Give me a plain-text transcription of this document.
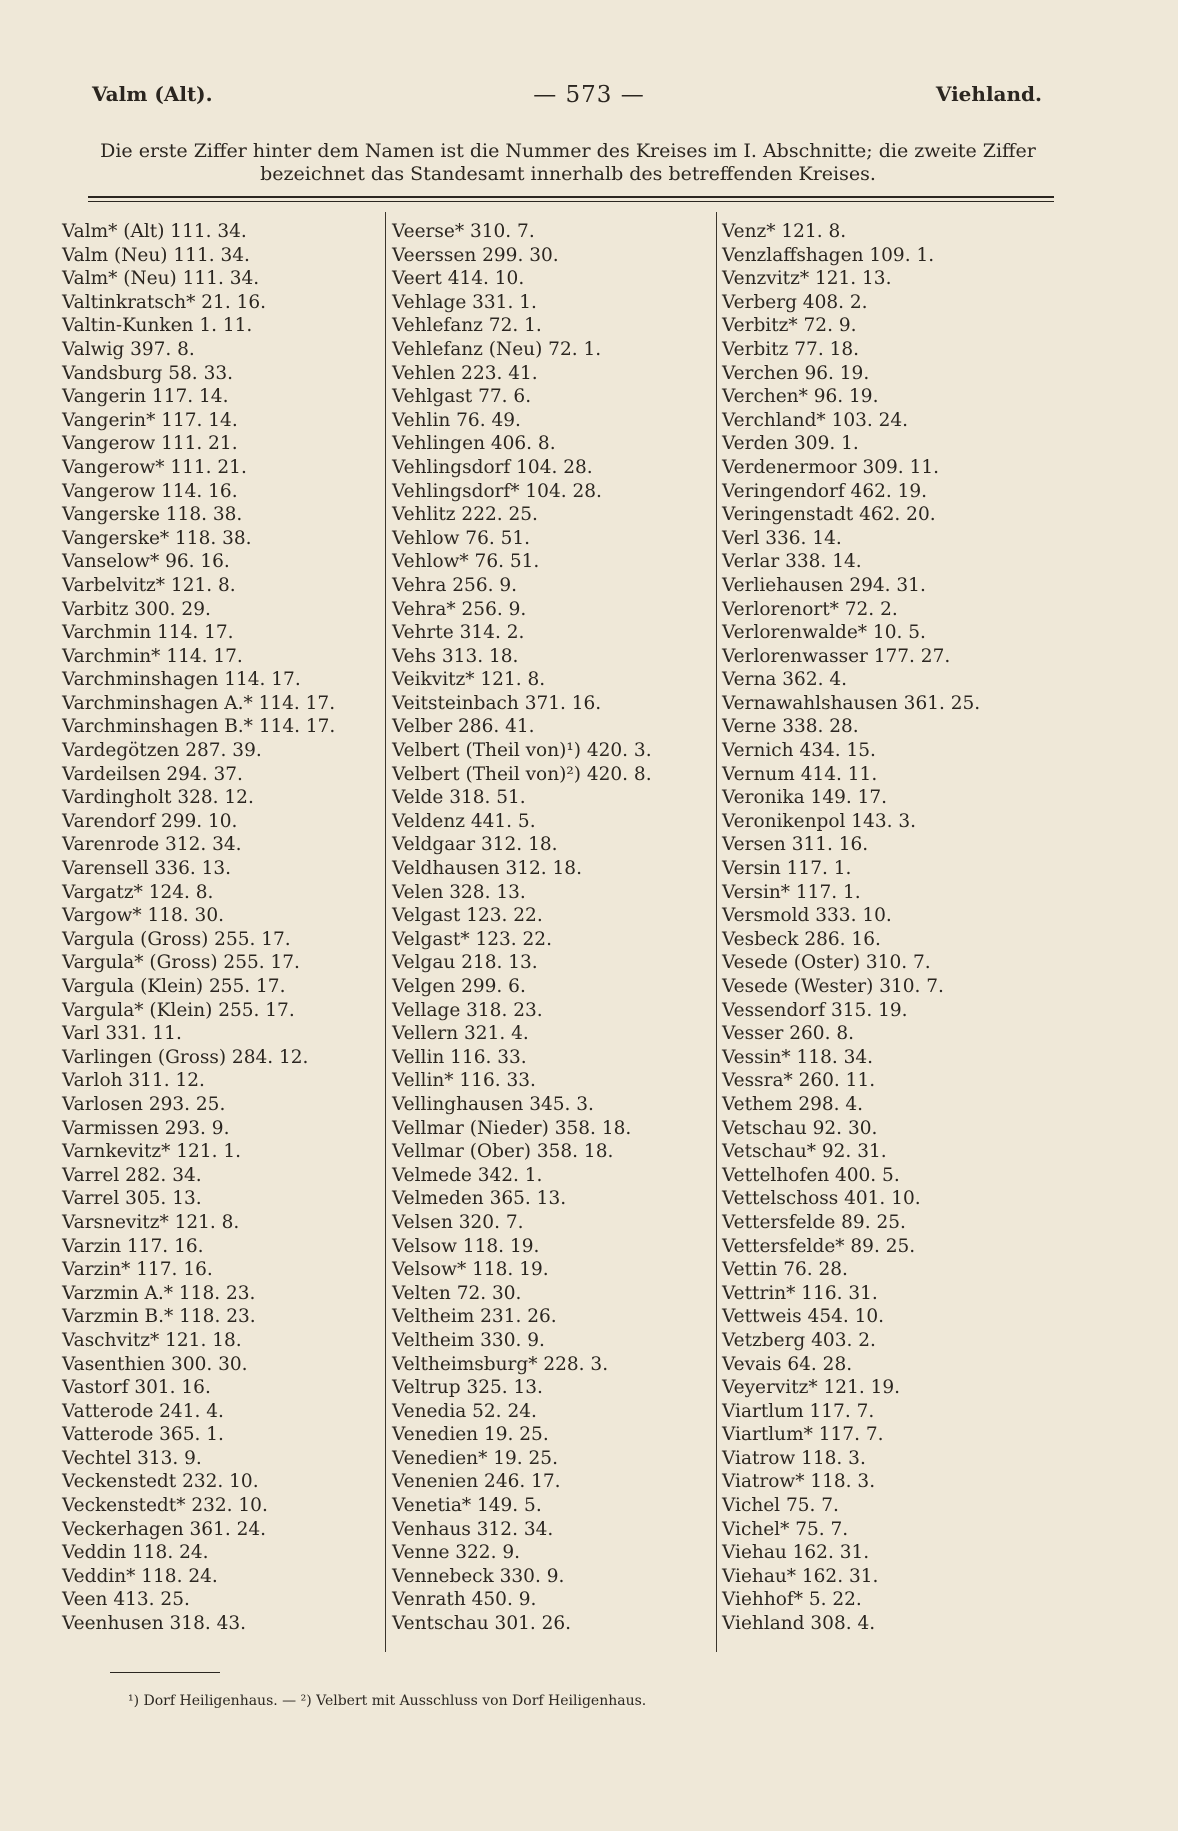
— 573 —
Valm (Alt).	Viehland.
Die erste Ziffer hinter dem Namen ist die Nummer des Kreises im I. Abschnitte; die zweite Ziffer bezeichnet das Standesamt innerhalb des betreffenden Kreises.
Valm* (Alt) 111. 34.
Valm (Neu) 111. 34.
Valm* (Neu) 111. 34.
Valtinkratsch* 21. 16.
Valtin-Kunken 1. 11.
Valwig 397. 8.
Vandsburg 58. 33.
Vangerin 117. 14.
Vangerin* 117. 14.
Vangerow 111. 21.
Vangerow* 111. 21.
Vangerow 114. 16.
Vangerske 118. 38.
Vangerske* 118. 38.
Vanselow* 96. 16.
Varbelvitz* 121. 8.
Varbitz 300. 29.
Varchmin 114. 17.
Varchmin* 114. 17.
Varchminshagen 114. 17.
Varchminshagen A.* 114. 17.
Varchminshagen B.* 114. 17.
Vardegötzen 287. 39.
Vardeilsen 294. 37.
Vardingholt 328. 12.
Varendorf 299. 10.
Varenrode 312. 34.
Varensell 336. 13.
Vargatz* 124. 8.
Vargow* 118. 30.
Vargula (Gross) 255. 17.
Vargula* (Gross) 255. 17.
Vargula (Klein) 255. 17.
Vargula* (Klein) 255. 17.
Varl 331. 11.
Varlingen (Gross) 284. 12.
Varloh 311. 12.
Varlosen 293. 25.
Varmissen 293. 9.
Varnkevitz* 121. 1.
Varrel 282. 34.
Varrel 305. 13.
Varsnevitz* 121. 8.
Varzin 117. 16.
Varzin* 117. 16.
Varzmin A.* 118. 23.
Varzmin B.* 118. 23.
Vaschvitz* 121. 18.
Vasenthien 300. 30.
Vastorf 301. 16.
Vatterode 241. 4.
Vatterode 365. 1.
Vechtel 313. 9.
Veckenstedt 232. 10.
Veckenstedt* 232. 10.
Veckerhagen 361. 24.
Veddin 118. 24.
Veddin* 118. 24.
Veen 413. 25.
Veenhusen 318. 43.
Veerse* 310. 7.
Veerssen 299. 30.
Veert 414. 10.
Vehlage 331. 1.
Vehlefanz 72. 1.
Vehlefanz (Neu) 72. 1.
Vehlen 223. 41.
Vehlgast 77. 6.
Vehlin 76. 49.
Vehlingen 406. 8.
Vehlingsdorf 104. 28.
Vehlingsdorf* 104. 28.
Vehlitz 222. 25.
Vehlow 76. 51.
Vehlow* 76. 51.
Vehra 256. 9.
Vehra* 256. 9.
Vehrte 314. 2.
Vehs 313. 18.
Veikvitz* 121. 8.
Veitsteinbach 371. 16.
Velber 286. 41.
Velbert (Theil von)¹) 420. 3.
Velbert (Theil von)²) 420. 8.
Velde 318. 51.
Veldenz 441. 5.
Veldgaar 312. 18.
Veldhausen 312. 18.
Velen 328. 13.
Velgast 123. 22.
Velgast* 123. 22.
Velgau 218. 13.
Velgen 299. 6.
Vellage 318. 23.
Vellern 321. 4.
Vellin 116. 33.
Vellin* 116. 33.
Vellinghausen 345. 3.
Vellmar (Nieder) 358. 18.
Vellmar (Ober) 358. 18.
Velmede 342. 1.
Velmeden 365. 13.
Velsen 320. 7.
Velsow 118. 19.
Velsow* 118. 19.
Velten 72. 30.
Veltheim 231. 26.
Veltheim 330. 9.
Veltheimsburg* 228. 3.
Veltrup 325. 13.
Venedia 52. 24.
Venedien 19. 25.
Venedien* 19. 25.
Venenien 246. 17.
Venetia* 149. 5.
Venhaus 312. 34.
Venne 322. 9.
Vennebeck 330. 9.
Venrath 450. 9.
Ventschau 301. 26.
Venz* 121. 8.
Venzlaffshagen 109. 1.
Venzvitz* 121. 13.
Verberg 408. 2.
Verbitz* 72. 9.
Verbitz 77. 18.
Verchen 96. 19.
Verchen* 96. 19.
Verchland* 103. 24.
Verden 309. 1.
Verdenermoor 309. 11.
Veringendorf 462. 19.
Veringenstadt 462. 20.
Verl 336. 14.
Verlar 338. 14.
Verliehausen 294. 31.
Verlorenort* 72. 2.
Verlorenwalde* 10. 5.
Verlorenwasser 177. 27.
Verna 362. 4.
Vernawahlshausen 361. 25.
Verne 338. 28.
Vernich 434. 15.
Vernum 414. 11.
Veronika 149. 17.
Veronikenpol 143. 3.
Versen 311. 16.
Versin 117. 1.
Versin* 117. 1.
Versmold 333. 10.
Vesbeck 286. 16.
Vesede (Oster) 310. 7.
Vesede (Wester) 310. 7.
Vessendorf 315. 19.
Vesser 260. 8.
Vessin* 118. 34.
Vessra* 260. 11.
Vethem 298. 4.
Vetschau 92. 30.
Vetschau* 92. 31.
Vettelhofen 400. 5.
Vettelschoss 401. 10.
Vettersfelde 89. 25.
Vettersfelde* 89. 25.
Vettin 76. 28.
Vettrin* 116. 31.
Vettweis 454. 10.
Vetzberg 403. 2.
Vevais 64. 28.
Veyervitz* 121. 19.
Viartlum 117. 7.
Viartlum* 117. 7.
Viatrow 118. 3.
Viatrow* 118. 3.
Vichel 75. 7.
Vichel* 75. 7.
Viehau 162. 31.
Viehau* 162. 31.
Viehhof* 5. 22.
Viehland 308. 4.
¹) Dorf Heiligenhaus. — ²) Velbert mit Ausschluss von Dorf Heiligenhaus.
